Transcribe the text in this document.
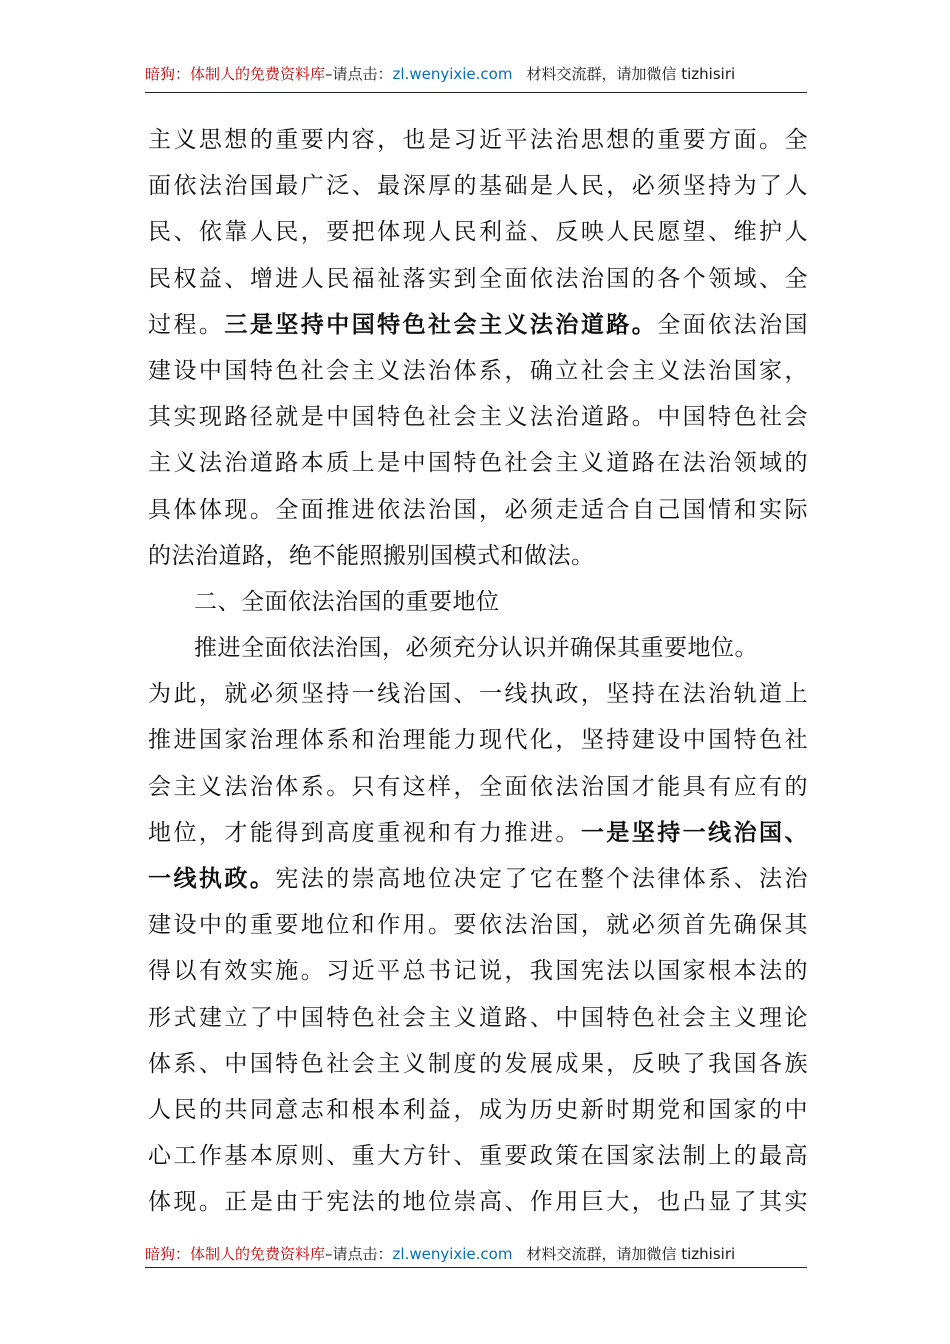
暗狗：体制人的免费资料库–请点击：zl.wenyixie.com 材料交流群，请加微信 tizhisiri
主义思想的重要内容，也是习近平法治思想的重要方面。全
面依法治国最广泛、最深厚的基础是人民，必须坚持为了人
民、依靠人民，要把体现人民利益、反映人民愿望、维护人
民权益、增进人民福祉落实到全面依法治国的各个领域、全
过程。三是坚持中国特色社会主义法治道路。全面依法治国
建设中国特色社会主义法治体系，确立社会主义法治国家，
其实现路径就是中国特色社会主义法治道路。中国特色社会
主义法治道路本质上是中国特色社会主义道路在法治领域的
具体体现。全面推进依法治国，必须走适合自己国情和实际
的法治道路，绝不能照搬别国模式和做法。
二、全面依法治国的重要地位
推进全面依法治国，必须充分认识并确保其重要地位。
为此，就必须坚持一线治国、一线执政，坚持在法治轨道上
推进国家治理体系和治理能力现代化，坚持建设中国特色社
会主义法治体系。只有这样，全面依法治国才能具有应有的
地位，才能得到高度重视和有力推进。一是坚持一线治国、
一线执政。宪法的崇高地位决定了它在整个法律体系、法治
建设中的重要地位和作用。要依法治国，就必须首先确保其
得以有效实施。习近平总书记说，我国宪法以国家根本法的
形式建立了中国特色社会主义道路、中国特色社会主义理论
体系、中国特色社会主义制度的发展成果，反映了我国各族
人民的共同意志和根本利益，成为历史新时期党和国家的中
心工作基本原则、重大方针、重要政策在国家法制上的最高
体现。正是由于宪法的地位崇高、作用巨大，也凸显了其实
暗狗：体制人的免费资料库–请点击：zl.wenyixie.com 材料交流群，请加微信 tizhisiri
